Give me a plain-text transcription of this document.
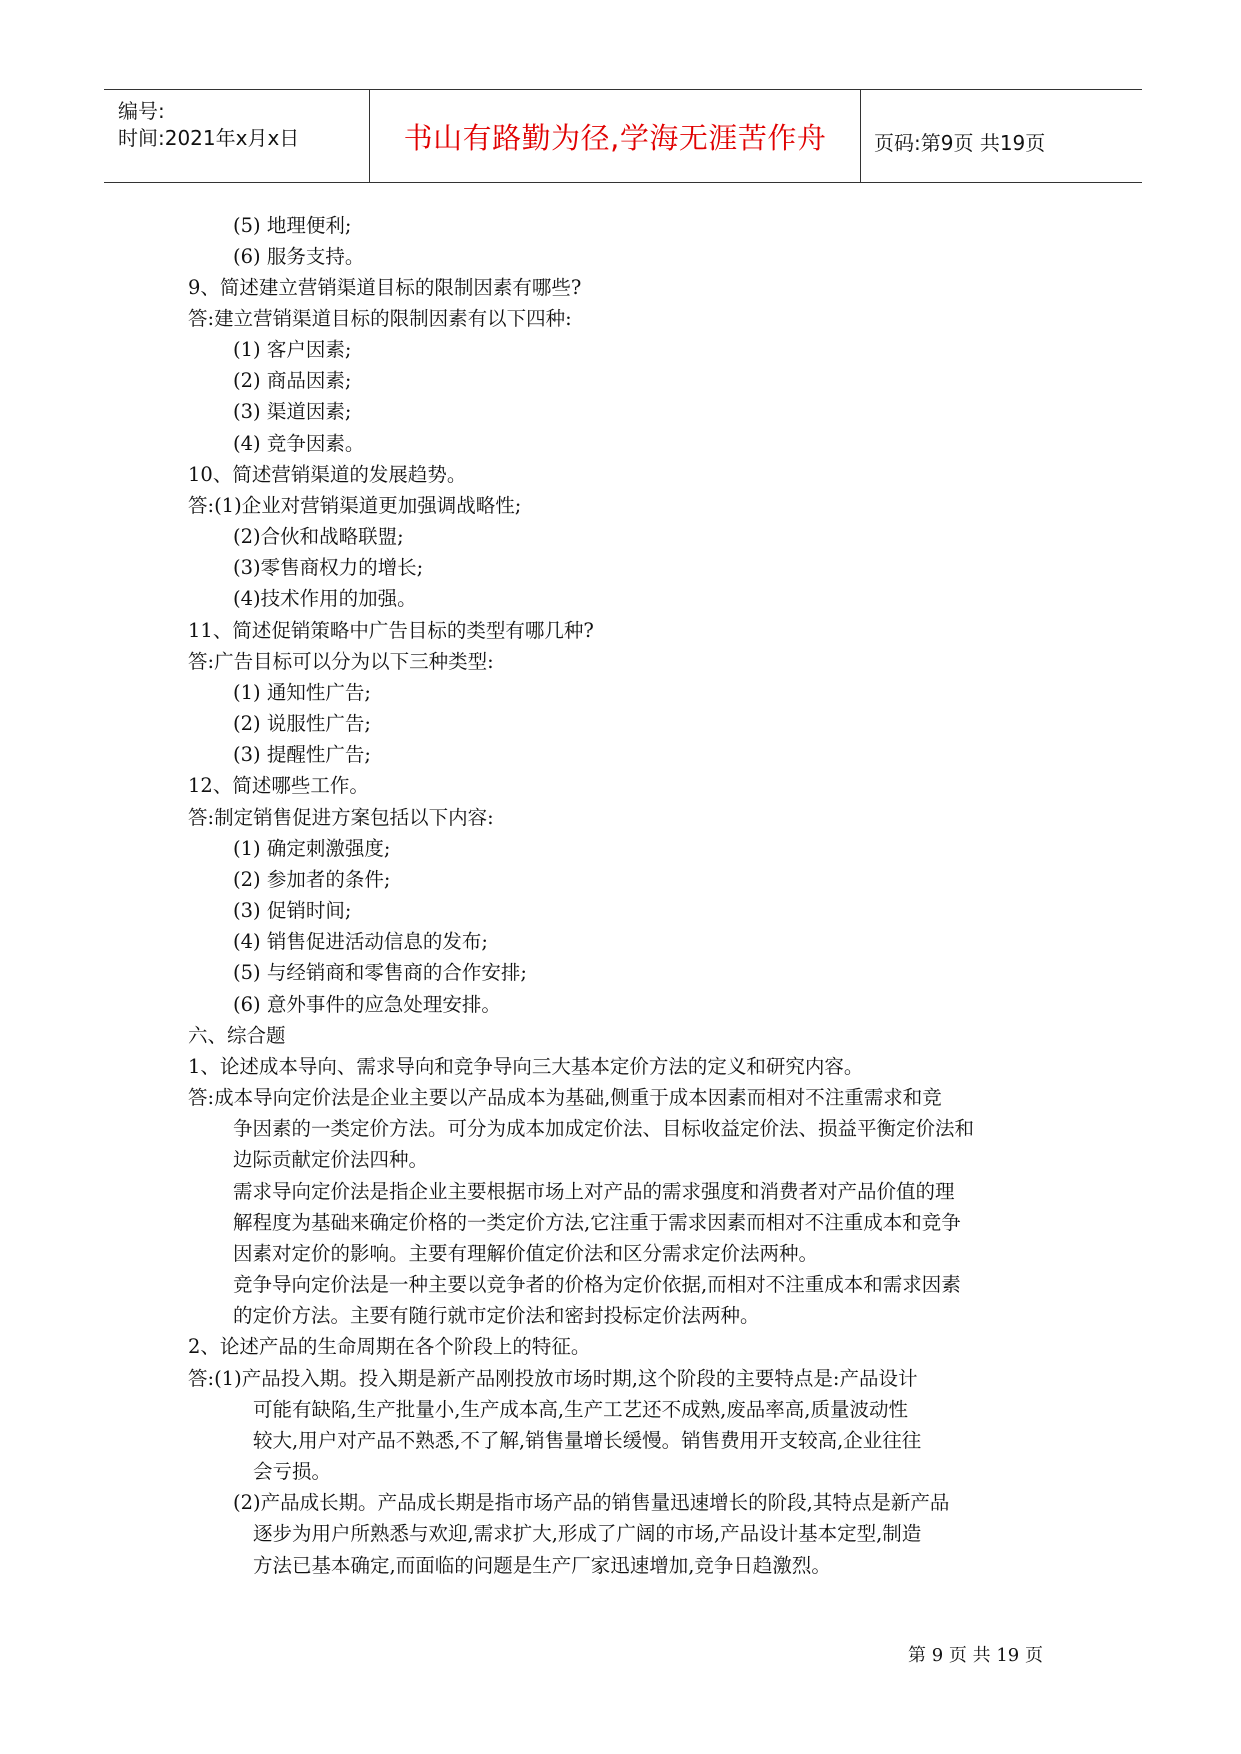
编号:
时间:2021年x月x日	书山有路勤为径,学海无涯苦作舟	页码:第9页 共19页
(5) 地理便利;
(6) 服务支持。
9、简述建立营销渠道目标的限制因素有哪些?
答:建立营销渠道目标的限制因素有以下四种:
(1) 客户因素;
(2) 商品因素;
(3) 渠道因素;
(4) 竞争因素。
10、简述营销渠道的发展趋势。
答:(1)企业对营销渠道更加强调战略性;
(2)合伙和战略联盟;
(3)零售商权力的增长;
(4)技术作用的加强。
11、简述促销策略中广告目标的类型有哪几种?
答:广告目标可以分为以下三种类型:
(1) 通知性广告;
(2) 说服性广告;
(3) 提醒性广告;
12、简述哪些工作。
答:制定销售促进方案包括以下内容:
(1) 确定刺激强度;
(2) 参加者的条件;
(3) 促销时间;
(4) 销售促进活动信息的发布;
(5) 与经销商和零售商的合作安排;
(6) 意外事件的应急处理安排。
六、综合题
1、论述成本导向、需求导向和竞争导向三大基本定价方法的定义和研究内容。
答:成本导向定价法是企业主要以产品成本为基础,侧重于成本因素而相对不注重需求和竞
争因素的一类定价方法。可分为成本加成定价法、目标收益定价法、损益平衡定价法和
边际贡献定价法四种。
需求导向定价法是指企业主要根据市场上对产品的需求强度和消费者对产品价值的理
解程度为基础来确定价格的一类定价方法,它注重于需求因素而相对不注重成本和竞争
因素对定价的影响。主要有理解价值定价法和区分需求定价法两种。
竞争导向定价法是一种主要以竞争者的价格为定价依据,而相对不注重成本和需求因素
的定价方法。主要有随行就市定价法和密封投标定价法两种。
2、论述产品的生命周期在各个阶段上的特征。
答:(1)产品投入期。投入期是新产品刚投放市场时期,这个阶段的主要特点是:产品设计
可能有缺陷,生产批量小,生产成本高,生产工艺还不成熟,废品率高,质量波动性
较大,用户对产品不熟悉,不了解,销售量增长缓慢。销售费用开支较高,企业往往
会亏损。
(2)产品成长期。产品成长期是指市场产品的销售量迅速增长的阶段,其特点是新产品
逐步为用户所熟悉与欢迎,需求扩大,形成了广阔的市场,产品设计基本定型,制造
方法已基本确定,而面临的问题是生产厂家迅速增加,竞争日趋激烈。
第 9 页 共 19 页
